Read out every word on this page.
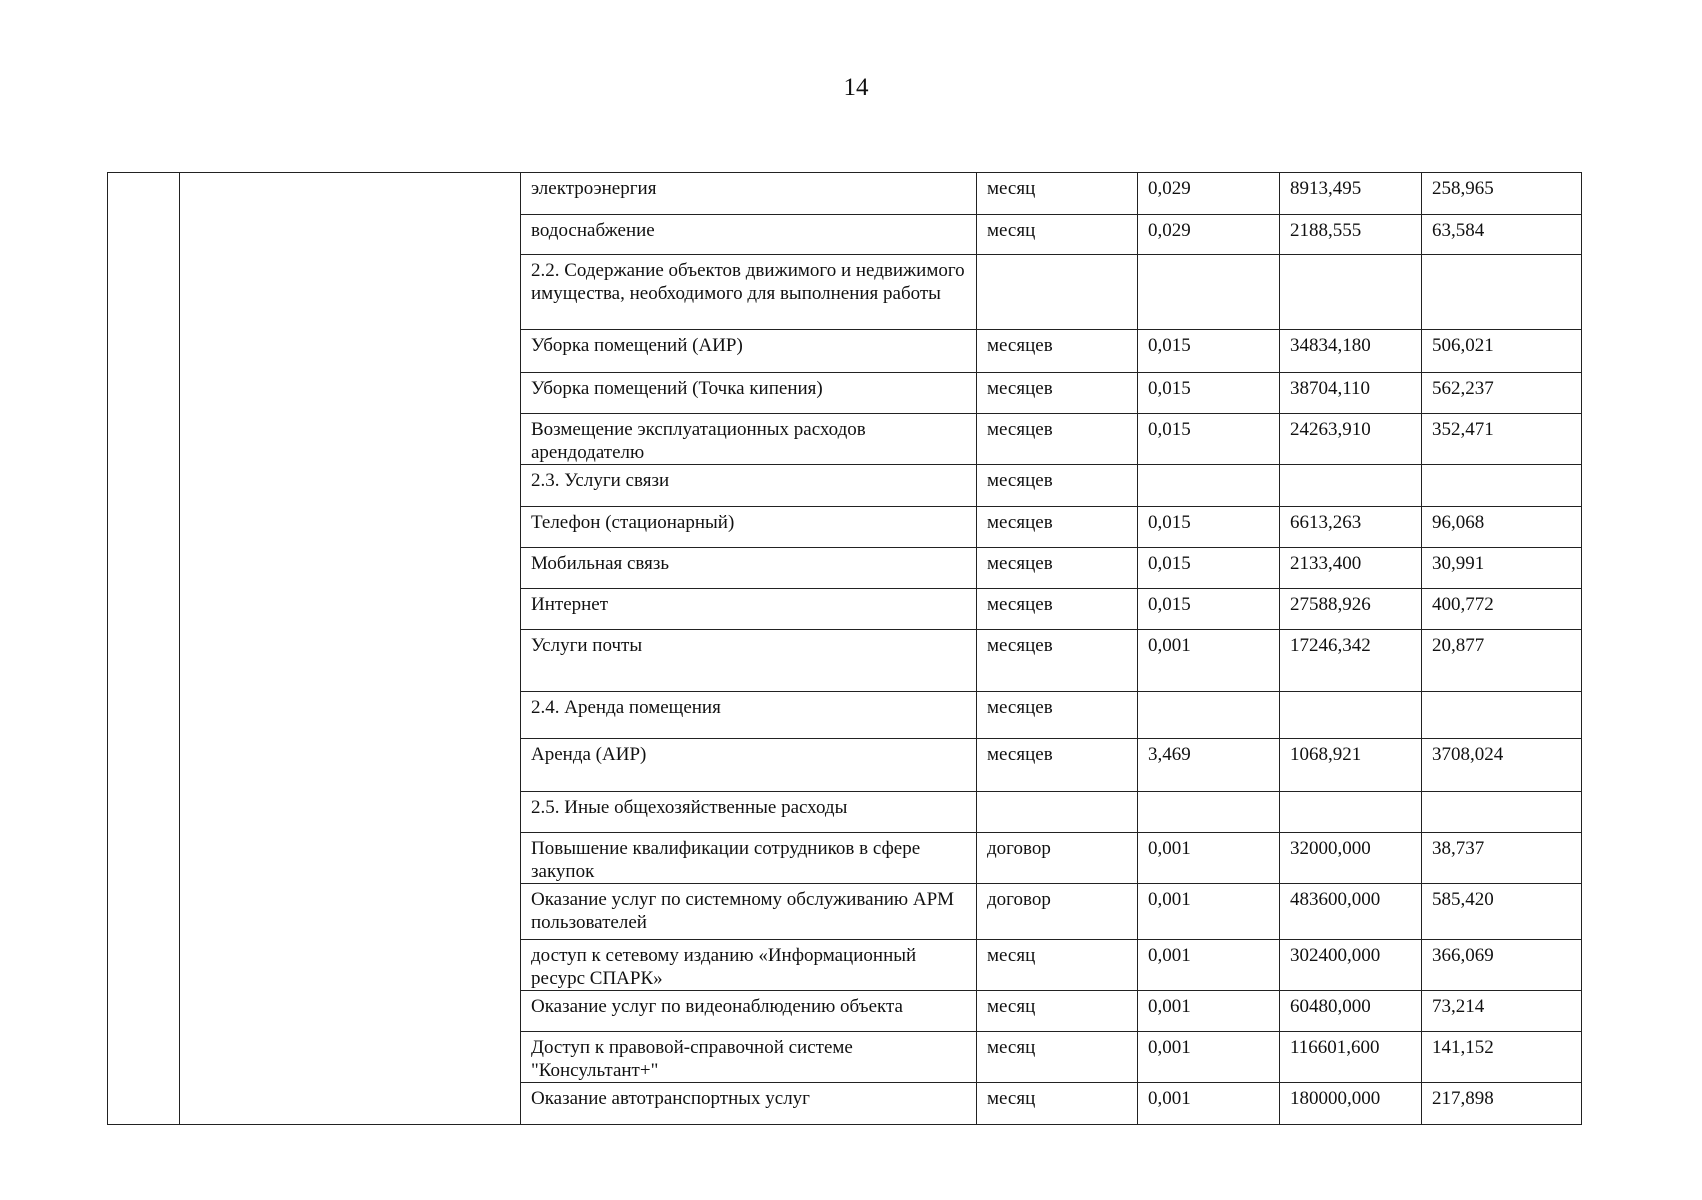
14
		электроэнергия	месяц	0,029	8913,495	258,965
		водоснабжение	месяц	0,029	2188,555	63,584
		2.2. Содержание объектов движимого и недвижимого имущества, необходимого для выполнения работы				
		Уборка помещений (АИР)	месяцев	0,015	34834,180	506,021
		Уборка помещений (Точка кипения)	месяцев	0,015	38704,110	562,237
		Возмещение эксплуатационных расходов арендодателю	месяцев	0,015	24263,910	352,471
		2.3. Услуги связи	месяцев			
		Телефон (стационарный)	месяцев	0,015	6613,263	96,068
		Мобильная связь	месяцев	0,015	2133,400	30,991
		Интернет	месяцев	0,015	27588,926	400,772
		Услуги почты	месяцев	0,001	17246,342	20,877
		2.4. Аренда помещения	месяцев			
		Аренда (АИР)	месяцев	3,469	1068,921	3708,024
		2.5. Иные общехозяйственные расходы				
		Повышение квалификации сотрудников в сфере закупок	договор	0,001	32000,000	38,737
		Оказание услуг по системному обслуживанию АРМ пользователей	договор	0,001	483600,000	585,420
		доступ к сетевому изданию «Информационный ресурс СПАРК»	месяц	0,001	302400,000	366,069
		Оказание услуг по видеонаблюдению объекта	месяц	0,001	60480,000	73,214
		Доступ к правовой-справочной системе "Консультант+"	месяц	0,001	116601,600	141,152
		Оказание автотранспортных услуг	месяц	0,001	180000,000	217,898
